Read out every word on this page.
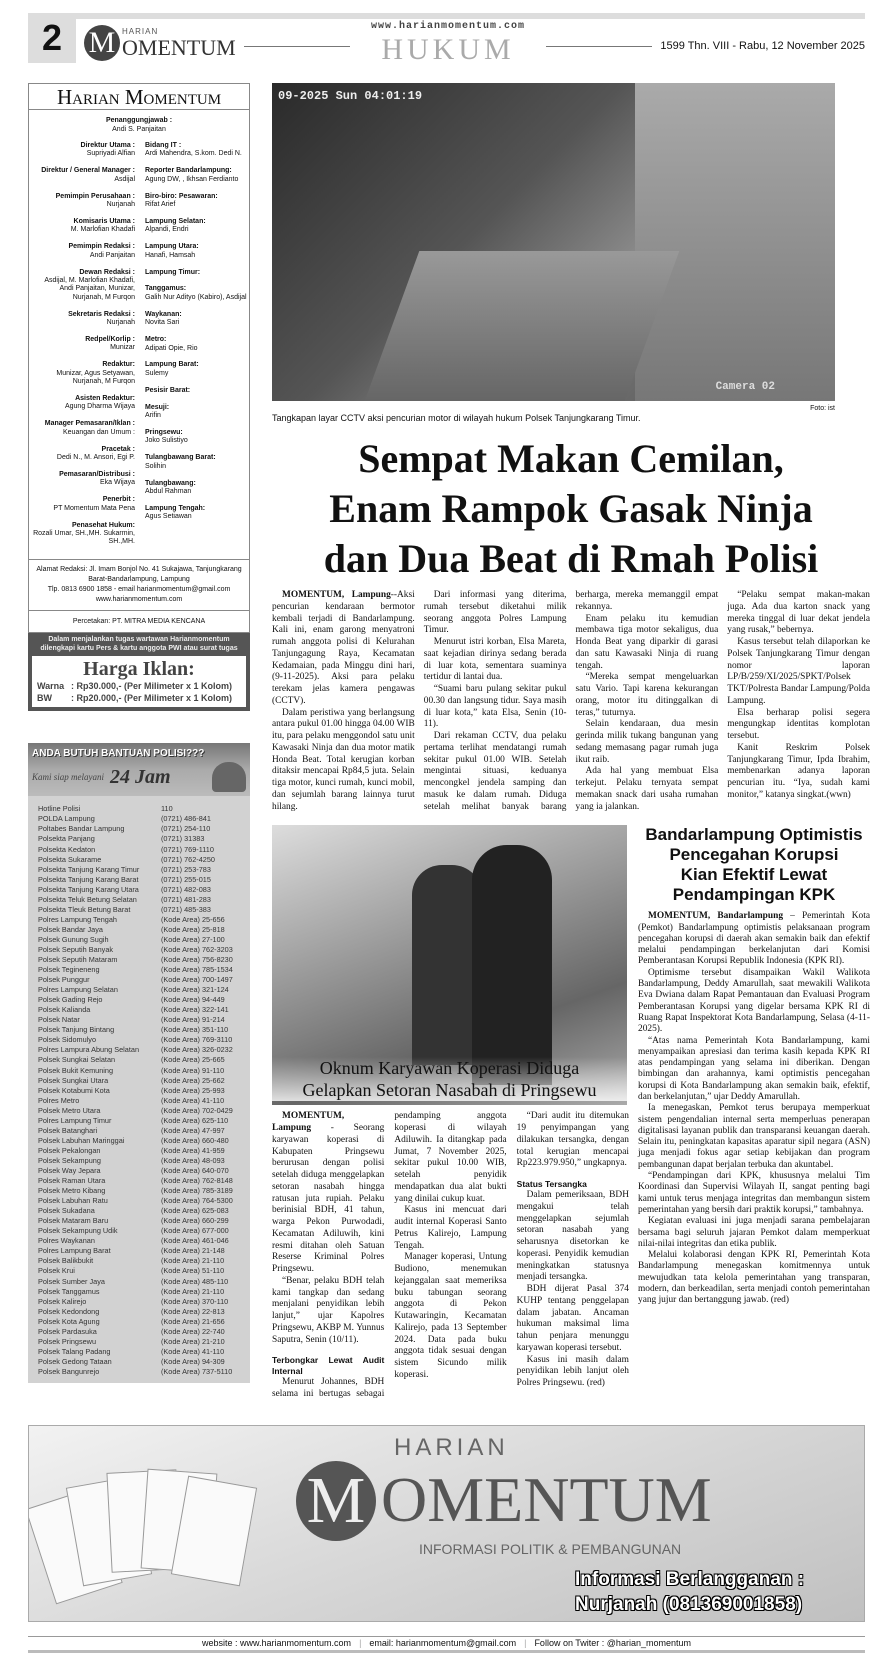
2 M HARIAN
OMENTUM
www.harianmomentum.com
HUKUM	1599 Thn. VIII - Rabu, 12 November 2025
Harian Momentum
Penanggungjawab :
Andi S. Panjaitan
Direktur Utama :
Supriyadi Alfian
Direktur / General Manager :
Asdijal
Pemimpin Perusahaan :
Nurjanah
Komisaris Utama :
M. Marlofian Khadafi
Pemimpin Redaksi :
Andi Panjaitan
Dewan Redaksi :
Asdijal, M. Marlofian Khadafi, Andi Panjaitan, Munizar, Nurjanah, M Furqon
Sekretaris Redaksi :
Nurjanah
Redpel/Korlip :
Munizar
Redaktur:
Munizar, Agus Setyawan, Nurjanah, M Furqon
Asisten Redaktur:
Agung Dharma Wijaya
Manager Pemasaran/Iklan :
Keuangan dan Umum :
Pracetak :
Dedi N., M. Ansori, Egi P.
Pemasaran/Distribusi :
Eka Wijaya
Penerbit :
PT Momentum Mata Pena
Penasehat Hukum:
Rozali Umar, SH.,MH. Sukarmin, SH.,MH.
Bidang IT :
Ardi Mahendra, S.kom. Dedi N.
Reporter Bandarlampung:
Agung DW, , Ikhsan Ferdianto
Biro-biro: Pesawaran:
Rifat Arief
Lampung Selatan:
Alpandi, Endri
Lampung Utara:
Hanafi, Hamsah
Lampung Timur:
Tanggamus:
Galih Nur Adityo (Kabiro), Asdijal
Waykanan:
Novita Sari
Metro:
Adipati Opie, Rio
Lampung Barat:
Sulemy
Pesisir Barat:
Mesuji:
Arifin
Pringsewu:
Joko Sulistiyo
Tulangbawang Barat:
Solihin
Tulangbawang:
Abdul Rahman
Lampung Tengah:
Agus Setiawan
Alamat Redaksi: Jl. Imam Bonjol No. 41 Sukajawa, Tanjungkarang Barat-Bandarlampung, Lampung
Tlp. 0813 6900 1858 - email harianmomentum@gmail.com
www.harianmomentum.com
Percetakan: PT. MITRA MEDIA KENCANA
Dalam menjalankan tugas wartawan Harianmomentum dilengkapi kartu Pers & kartu anggota PWI atau surat tugas
Harga Iklan:
Warna : Rp30.000,- (Per Milimeter x 1 Kolom)
BW	: Rp20.000,- (Per Milimeter x 1 Kolom)
ANDA BUTUH BANTUAN POLISI???
Kami siap melayani 24 Jam
Hotline Polisi	110
POLDA Lampung	(0721) 486-841
Poltabes Bandar Lampung	(0721) 254-110
Polsekta Panjang	(0721) 31383
Polsekta Kedaton	(0721) 769-1110
Polsekta Sukarame	(0721) 762-4250
Polsekta Tanjung Karang Timur	(0721) 253-783
Polsekta Tanjung Karang Barat	(0721) 255-015
Polsekta Tanjung Karang Utara	(0721) 482-083
Polsekta Teluk Betung Selatan	(0721) 481-283
Polsekta Tleuk Betung Barat	(0721) 485-383
Polres Lampung Tengah	(Kode Area) 25-656
Polsek Bandar Jaya	(Kode Area) 25-818
Polsek Gunung Sugih	(Kode Area) 27-100
Polsek Seputih Banyak	(Kode Area) 762-3203
Polsek Seputih Mataram	(Kode Area) 756-8230
Polsek Tegineneng	(Kode Area) 785-1534
Polsek Punggur	(Kode Area) 700-1497
Polres Lampung Selatan	(Kode Area) 321-124
Polsek Gading Rejo	(Kode Area) 94-449
Polsek Kalianda	(Kode Area) 322-141
Polsek Natar	(Kode Area) 91-214
Polsek Tanjung Bintang	(Kode Area) 351-110
Polsek Sidomulyo	(Kode Area) 769-3110
Polres Lampura Abung Selatan	(Kode Area) 326-0232
Polsek Sungkai Selatan	(Kode Area) 25-665
Polsek Bukit Kemuning	(Kode Area) 91-110
Polsek Sungkai Utara	(Kode Area) 25-662
Polsek Kotabumi Kota	(Kode Area) 25-993
Polres Metro	(Kode Area) 41-110
Polsek Metro Utara	(Kode Area) 702-0429
Polres Lampung Timur	(Kode Area) 625-110
Polsek Batanghari	(Kode Area) 47-997
Polsek Labuhan Maringgai	(Kode Area) 660-480
Polsek Pekalongan	(Kode Area) 41-959
Polsek Sekampung	(Kode Area) 48-093
Polsek Way Jepara	(Kode Area) 640-070
Polsek Raman Utara	(Kode Area) 762-8148
Polsek Metro Kibang	(Kode Area) 785-3189
Polsek Labuhan Ratu	(Kode Area) 764-5300
Polsek Sukadana	(Kode Area) 625-083
Polsek Mataram Baru	(Kode Area) 660-299
Polsek Sekampung Udik	(Kode Area) 677-000
Polres Waykanan	(Kode Area) 461-046
Polres Lampung Barat	(Kode Area) 21-148
Polsek Balikbukit	(Kode Area) 21-110
Polsek Krui	(Kode Area) 51-110
Polsek Sumber Jaya	(Kode Area) 485-110
Polsek Tanggamus	(Kode Area) 21-110
Polsek Kalirejo	(Kode Area) 370-110
Polsek Kedondong	(Kode Area) 22-813
Polsek Kota Agung	(Kode Area) 21-656
Polsek Pardasuka	(Kode Area) 22-740
Polsek Pringsewu	(Kode Area) 21-210
Polsek Talang Padang	(Kode Area) 41-110
Polsek Gedong Tataan	(Kode Area) 94-309
Polsek Bangunrejo	(Kode Area) 737-5110
09-2025 Sun 04:01:19
Camera 02
Foto: ist
Tangkapan layar CCTV aksi pencurian motor di wilayah hukum Polsek Tanjungkarang Timur.
Sempat Makan Cemilan,
Enam Rampok Gasak Ninja
dan Dua Beat di Rmah Polisi

MOMENTUM, Lampung--Aksi pencurian kendaraan bermotor kembali terjadi di Bandarlampung. Kali ini, enam garong menyatroni rumah anggota polisi di Kelurahan Tanjungagung Raya, Kecamatan Kedamaian, pada Minggu dini hari, (9-11-2025). Aksi para pelaku terekam jelas kamera pengawas (CCTV).

Dalam peristiwa yang berlangsung antara pukul 01.00 hingga 04.00 WIB itu, para pelaku menggondol satu unit Kawasaki Ninja dan dua motor matik Honda Beat. Total kerugian korban ditaksir mencapai Rp84,5 juta. Selain tiga motor, kunci rumah, kunci mobil, dan sejumlah barang lainnya turut hilang.

Dari informasi yang diterima, rumah tersebut diketahui milik seorang anggota Polres Lampung Timur.

Menurut istri korban, Elsa Mareta, saat kejadian dirinya sedang berada di luar kota, sementara suaminya tertidur di lantai dua.

“Suami baru pulang sekitar pukul 00.30 dan langsung tidur. Saya masih di luar kota,” kata Elsa, Senin (10-11).

Dari rekaman CCTV, dua pelaku pertama terlihat mendatangi rumah sekitar pukul 01.00 WIB. Setelah mengintai situasi, keduanya mencongkel jendela samping dan masuk ke dalam rumah. Diduga setelah melihat banyak barang berharga, mereka memanggil empat rekannya.

Enam pelaku itu kemudian membawa tiga motor sekaligus, dua Honda Beat yang diparkir di garasi dan satu Kawasaki Ninja di ruang tengah.

“Mereka sempat mengeluarkan satu Vario. Tapi karena kekurangan orang, motor itu ditinggalkan di teras,” tuturnya.

Selain kendaraan, dua mesin gerinda milik tukang bangunan yang sedang memasang pagar rumah juga ikut raib.

Ada hal yang membuat Elsa terkejut. Pelaku ternyata sempat memakan snack dari usaha rumahan yang ia jalankan.

“Pelaku sempat makan-makan juga. Ada dua karton snack yang mereka tinggal di luar dekat jendela yang rusak,” bebernya.

Kasus tersebut telah dilaporkan ke Polsek Tanjungkarang Timur dengan nomor laporan LP/B/259/XI/2025/SPKT/Polsek TKT/Polresta Bandar Lampung/Polda Lampung.

Elsa berharap polisi segera mengungkap identitas komplotan tersebut.

Kanit Reskrim Polsek Tanjungkarang Timur, Ipda Ibrahim, membenarkan adanya laporan pencurian itu. “Iya, sudah kami monitor,” katanya singkat.(wwn)

Oknum Karyawan Koperasi Diduga
Gelapkan Setoran Nasabah di Pringsewu

MOMENTUM, Lampung - Seorang karyawan koperasi di Kabupaten Pringsewu berurusan dengan polisi setelah diduga menggelapkan setoran nasabah hingga ratusan juta rupiah. Pelaku berinisial BDH, 41 tahun, warga Pekon Purwodadi, Kecamatan Adiluwih, kini resmi ditahan oleh Satuan Reserse Kriminal Polres Pringsewu.

“Benar, pelaku BDH telah kami tangkap dan sedang menjalani penyidikan lebih lanjut,” ujar Kapolres Pringsewu, AKBP M. Yunnus Saputra, Senin (10/11).

Terbongkar Lewat Audit Internal

Menurut Johannes, BDH selama ini bertugas sebagai pendamping anggota koperasi di wilayah Adiluwih. Ia ditangkap pada Jumat, 7 November 2025, sekitar pukul 10.00 WIB, setelah penyidik mendapatkan dua alat bukti yang dinilai cukup kuat.

Kasus ini mencuat dari audit internal Koperasi Santo Petrus Kalirejo, Lampung Tengah.

Manager koperasi, Untung Budiono, menemukan kejanggalan saat memeriksa buku tabungan seorang anggota di Pekon Kutawaringin, Kecamatan Kalirejo, pada 13 September 2024. Data pada buku anggota tidak sesuai dengan sistem Sicundo milik koperasi.

“Dari audit itu ditemukan 19 penyimpangan yang dilakukan tersangka, dengan total kerugian mencapai Rp223.979.950,” ungkapnya.

Status Tersangka

Dalam pemeriksaan, BDH mengakui telah menggelapkan sejumlah setoran nasabah yang seharusnya disetorkan ke koperasi. Penyidik kemudian meningkatkan statusnya menjadi tersangka.

BDH dijerat Pasal 374 KUHP tentang penggelapan dalam jabatan. Ancaman hukuman maksimal lima tahun penjara menunggu karyawan koperasi tersebut.

Kasus ini masih dalam penyidikan lebih lanjut oleh Polres Pringsewu. (red)

Bandarlampung Optimistis
Pencegahan Korupsi
Kian Efektif Lewat
Pendampingan KPK

MOMENTUM, Bandarlampung – Pemerintah Kota (Pemkot) Bandarlampung optimistis pelaksanaan program pencegahan korupsi di daerah akan semakin baik dan efektif melalui pendampingan berkelanjutan dari Komisi Pemberantasan Korupsi Republik Indonesia (KPK RI).

Optimisme tersebut disampaikan Wakil Walikota Bandarlampung, Deddy Amarullah, saat mewakili Walikota Eva Dwiana dalam Rapat Pemantauan dan Evaluasi Program Pemberantasan Korupsi yang digelar bersama KPK RI di Ruang Rapat Inspektorat Kota Bandarlampung, Selasa (4-11-2025).

“Atas nama Pemerintah Kota Bandarlampung, kami menyampaikan apresiasi dan terima kasih kepada KPK RI atas pendampingan yang selama ini diberikan. Dengan bimbingan dan arahannya, kami optimistis pencegahan korupsi di Kota Bandarlampung akan semakin baik, efektif, dan berkelanjutan,” ujar Deddy Amarullah.

Ia menegaskan, Pemkot terus berupaya memperkuat sistem pengendalian internal serta memperluas penerapan digitalisasi layanan publik dan transparansi keuangan daerah. Selain itu, peningkatan kapasitas aparatur sipil negara (ASN) juga menjadi fokus agar setiap kebijakan dan program pembangunan dapat berjalan terbuka dan akuntabel.

“Pendampingan dari KPK, khususnya melalui Tim Koordinasi dan Supervisi Wilayah II, sangat penting bagi kami untuk terus menjaga integritas dan membangun sistem pemerintahan yang bersih dari praktik korupsi,” tambahnya.

Kegiatan evaluasi ini juga menjadi sarana pembelajaran bersama bagi seluruh jajaran Pemkot dalam memperkuat nilai-nilai integritas dan etika publik.

Melalui kolaborasi dengan KPK RI, Pemerintah Kota Bandarlampung menegaskan komitmennya untuk mewujudkan tata kelola pemerintahan yang transparan, modern, dan berkeadilan, serta menjadi contoh pemerintahan yang jujur dan bertanggung jawab. (red)

M
HARIAN
OMENTUM
INFORMASI POLITIK & PEMBANGUNAN
Informasi Berlangganan :
Nurjanah (081369001858)
website : www.harianmomentum.com | email: harianmomentum@gmail.com | Follow on Twiter : @harian_momentum
